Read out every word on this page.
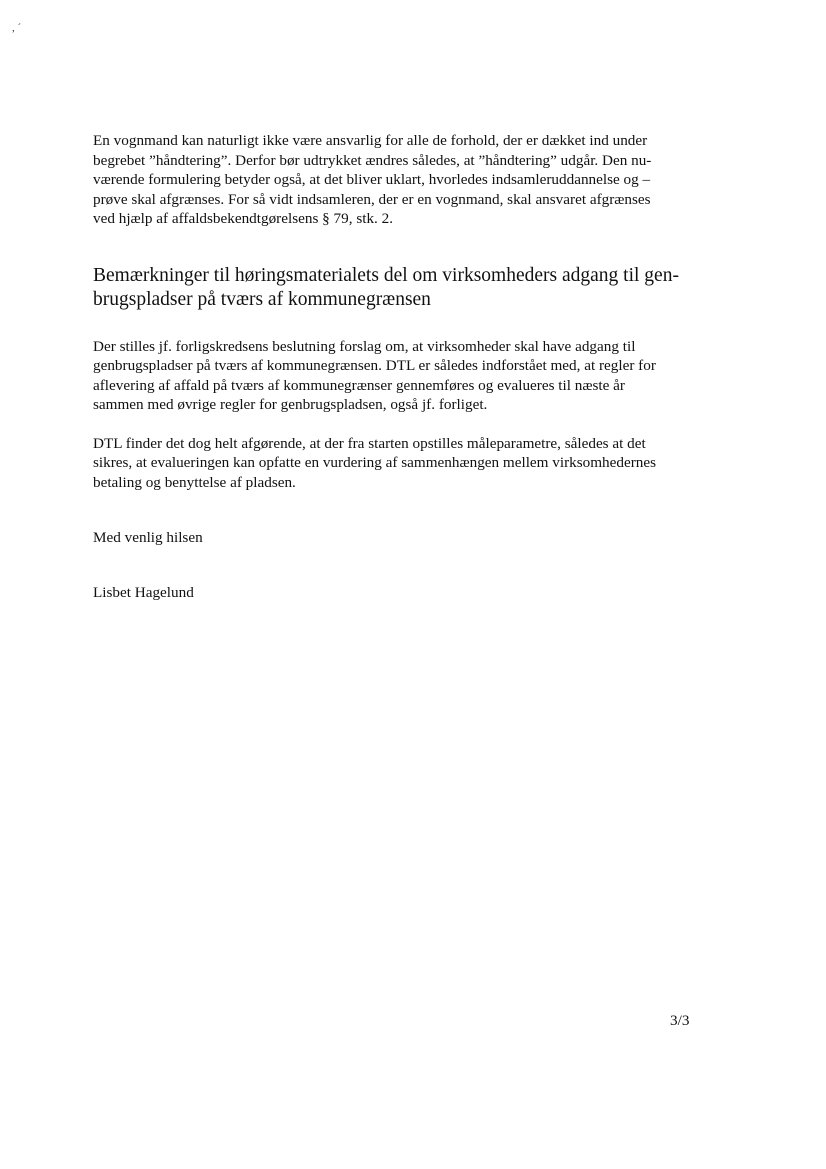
, ´

En vognmand kan naturligt ikke være ansvarlig for alle de forhold, der er dækket ind under
begrebet ”håndtering”. Derfor bør udtrykket ændres således, at ”håndtering” udgår. Den nu-
værende formulering betyder også, at det bliver uklart, hvorledes indsamleruddannelse og –
prøve skal afgrænses. For så vidt indsamleren, der er en vognmand, skal ansvaret afgrænses
ved hjælp af affaldsbekendtgørelsens § 79, stk. 2.

Bemærkninger til høringsmaterialets del om virksomheders adgang til gen-
brugspladser på tværs af kommunegrænsen

Der stilles jf. forligskredsens beslutning forslag om, at virksomheder skal have adgang til
genbrugspladser på tværs af kommunegrænsen. DTL er således indforstået med, at regler for
aflevering af affald på tværs af kommunegrænser gennemføres og evalueres til næste år
sammen med øvrige regler for genbrugspladsen, også jf. forliget.

DTL finder det dog helt afgørende, at der fra starten opstilles måleparametre, således at det
sikres, at evalueringen kan opfatte en vurdering af sammenhængen mellem virksomhedernes
betaling og benyttelse af pladsen.

Med venlig hilsen

Lisbet Hagelund

3/3
